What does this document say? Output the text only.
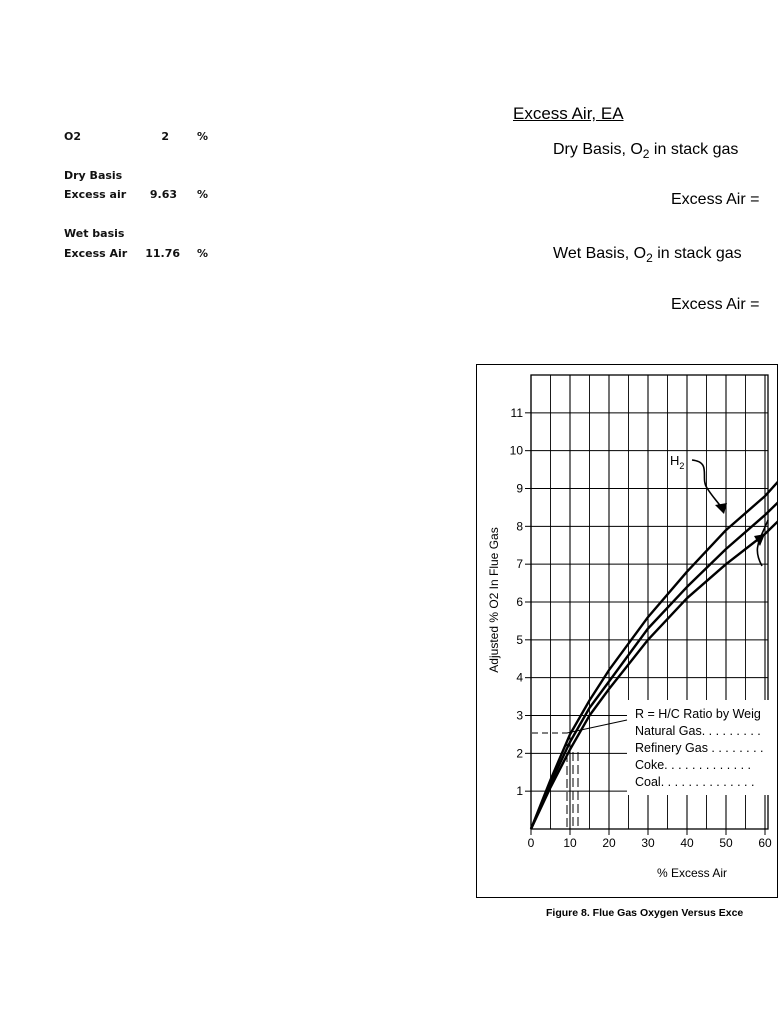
O2	2	%
Dry Basis
Excess air	9.63 %
Wet basis
Excess Air	11.76 %
Excess Air, EA
Dry Basis, $O_2$ in stack gas
Excess Air =
Wet Basis, $O_2$ in stack gas
Excess Air =
0 10 20 30 40 50 60
1
2
3
4
5
6
7
8
9
10
11
% Excess Air
Adjusted % O2 In Flue Gas
$H_2$
R = H/C Ratio by Weig
Natural Gas. . . . . . . . .
Refinery Gas . . . . . . . .
Coke. . . . . . . . . . . . .
Coal. . . . . . . . . . . . . .
Figure 8. Flue Gas Oxygen Versus Exce
